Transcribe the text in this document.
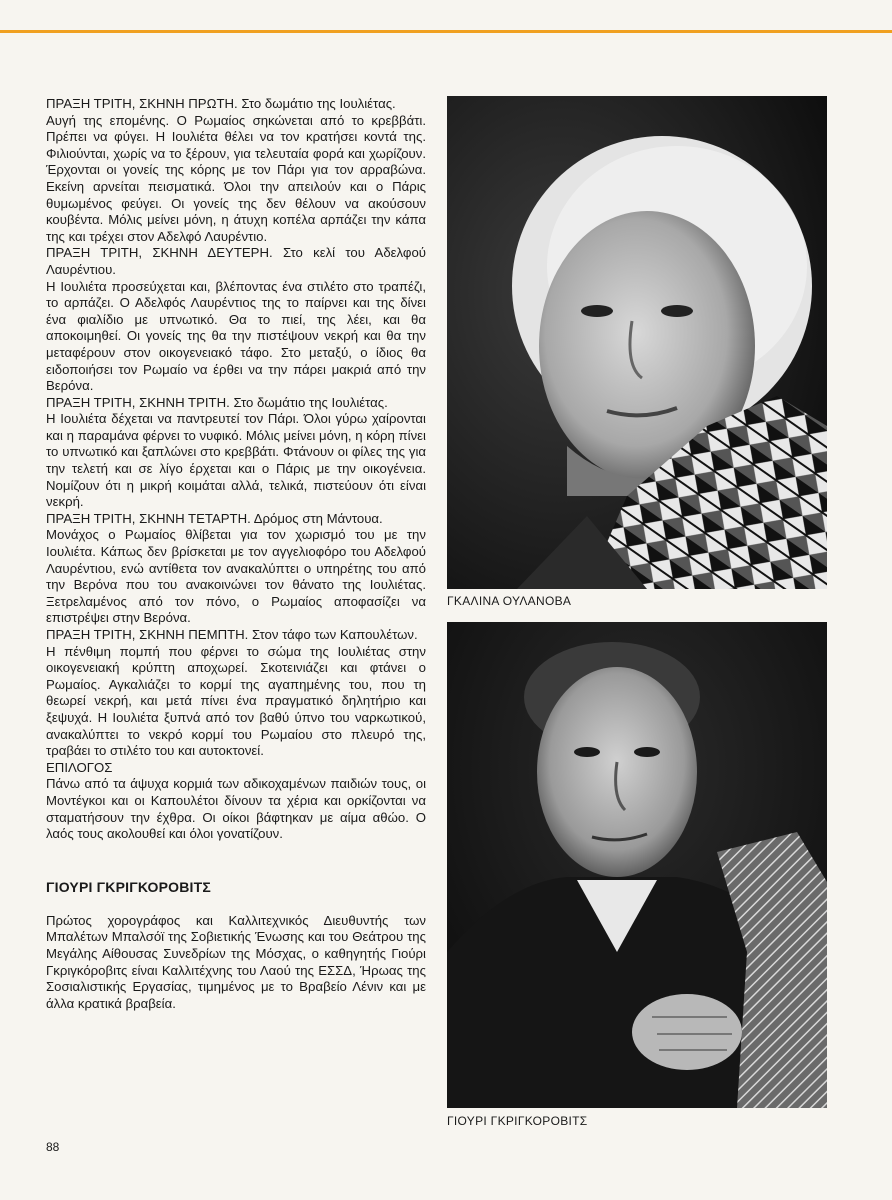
ΠΡΑΞΗ ΤΡΙΤΗ, ΣΚΗΝΗ ΠΡΩΤΗ. Στο δωμάτιο της Ιουλιέτας.

Αυγή της επομένης. Ο Ρωμαίος σηκώνεται από το κρεββάτι. Πρέπει να φύγει. Η Ιουλιέτα θέλει να τον κρατήσει κοντά της. Φιλιούνται, χωρίς να το ξέρουν, για τελευταία φορά και χωρίζουν. Έρχονται οι γονείς της κόρης με τον Πάρι για τον αρραβώνα. Εκείνη αρνείται πεισματικά. Όλοι την απειλούν και ο Πάρις θυμωμένος φεύγει. Οι γονείς της δεν θέλουν να ακούσουν κουβέντα. Μόλις μείνει μόνη, η άτυχη κοπέλα αρπάζει την κάπα της και τρέχει στον Αδελφό Λαυρέντιο.

ΠΡΑΞΗ ΤΡΙΤΗ, ΣΚΗΝΗ ΔΕΥΤΕΡΗ. Στο κελί του Αδελφού Λαυρέντιου.

Η Ιουλιέτα προσεύχεται και, βλέποντας ένα στιλέτο στο τραπέζι, το αρπάζει. Ο Αδελφός Λαυρέντιος της το παίρνει και της δίνει ένα φιαλίδιο με υπνωτικό. Θα το πιεί, της λέει, και θα αποκοιμηθεί. Οι γονείς της θα την πιστέψουν νεκρή και θα την μεταφέρουν στον οικογενειακό τάφο. Στο μεταξύ, ο ίδιος θα ειδοποιήσει τον Ρωμαίο να έρθει να την πάρει μακριά από την Βερόνα.

ΠΡΑΞΗ ΤΡΙΤΗ, ΣΚΗΝΗ ΤΡΙΤΗ. Στο δωμάτιο της Ιουλιέτας.

Η Ιουλιέτα δέχεται να παντρευτεί τον Πάρι. Όλοι γύρω χαίρονται και η παραμάνα φέρνει το νυφικό. Μόλις μείνει μόνη, η κόρη πίνει το υπνωτικό και ξαπλώνει στο κρεββάτι. Φτάνουν οι φίλες της για την τελετή και σε λίγο έρχεται και ο Πάρις με την οικογένεια. Νομίζουν ότι η μικρή κοιμάται αλλά, τελικά, πιστεύουν ότι είναι νεκρή.

ΠΡΑΞΗ ΤΡΙΤΗ, ΣΚΗΝΗ ΤΕΤΑΡΤΗ. Δρόμος στη Μάντουα.

Μονάχος ο Ρωμαίος θλίβεται για τον χωρισμό του με την Ιουλιέτα. Κάπως δεν βρίσκεται με τον αγγελιοφόρο του Αδελφού Λαυρέντιου, ενώ αντίθετα τον ανακαλύπτει ο υπηρέτης του από την Βερόνα που του ανακοινώνει τον θάνατο της Ιουλιέτας. Ξετρελαμένος από τον πόνο, ο Ρωμαίος αποφασίζει να επιστρέψει στην Βερόνα.

ΠΡΑΞΗ ΤΡΙΤΗ, ΣΚΗΝΗ ΠΕΜΠΤΗ. Στον τάφο των Καπουλέτων.

Η πένθιμη πομπή που φέρνει το σώμα της Ιουλιέτας στην οικογενειακή κρύπτη αποχωρεί. Σκοτεινιάζει και φτάνει ο Ρωμαίος. Αγκαλιάζει το κορμί της αγαπημένης του, που τη θεωρεί νεκρή, και μετά πίνει ένα πραγματικό δηλητήριο και ξεψυχά. Η Ιουλιέτα ξυπνά από τον βαθύ ύπνο του ναρκωτικού, ανακαλύπτει το νεκρό κορμί του Ρωμαίου στο πλευρό της, τραβάει το στιλέτο του και αυτοκτονεί.

ΕΠΙΛΟΓΟΣ

Πάνω από τα άψυχα κορμιά των αδικοχαμένων παιδιών τους, οι Μοντέγκοι και οι Καπουλέτοι δίνουν τα χέρια και ορκίζονται να σταματήσουν την έχθρα. Οι οίκοι βάφτηκαν με αίμα αθώο. Ο λαός τους ακολουθεί και όλοι γονατίζουν.

ΓΙΟΥΡΙ ΓΚΡΙΓΚΟΡΟΒΙΤΣ

Πρώτος χορογράφος και Καλλιτεχνικός Διευθυντής των Μπαλέτων Μπαλσόϊ της Σοβιετικής Ένωσης και του Θεάτρου της Μεγάλης Αίθουσας Συνεδρίων της Μόσχας, ο καθηγητής Γιούρι Γκριγκόροβιτς είναι Καλλιτέχνης του Λαού της ΕΣΣΔ, Ήρωας της Σοσιαλιστικής Εργασίας, τιμημένος με το Βραβείο Λένιν και με άλλα κρατικά βραβεία.

88
ΓΚΑΛΙΝΑ ΟΥΛΑΝΟΒΑ
ΓΙΟΥΡΙ ΓΚΡΙΓΚΟΡΟΒΙΤΣ
